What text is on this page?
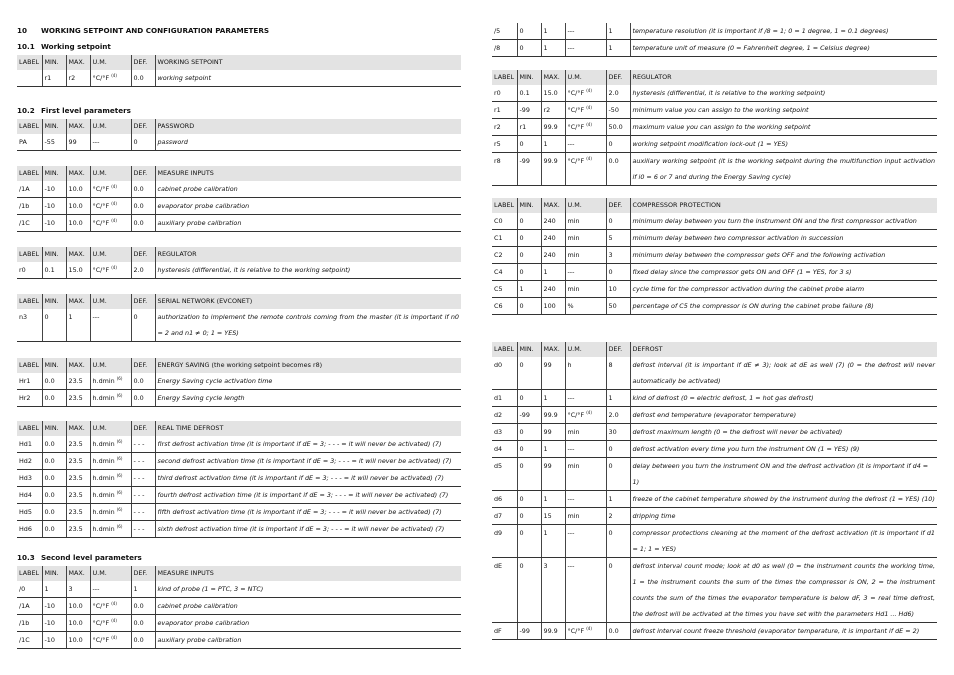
10 WORKING SETPOINT AND CONFIGURATION PARAMETERS
10.1 Working setpoint
LABEL	MIN.	MAX.	U.M.	DEF.	WORKING SETPOINT
	r1	r2	°C/°F $^{(4)}$	0.0	working setpoint
10.2 First level parameters
LABEL	MIN.	MAX.	U.M.	DEF.	PASSWORD
PA	-55	99	---	0	password
LABEL	MIN.	MAX.	U.M.	DEF.	MEASURE INPUTS
/1A	-10	10.0	°C/°F $^{(4)}$	0.0	cabinet probe calibration
/1b	-10	10.0	°C/°F $^{(4)}$	0.0	evaporator probe calibration
/1C	-10	10.0	°C/°F $^{(4)}$	0.0	auxiliary probe calibration
LABEL	MIN.	MAX.	U.M.	DEF.	REGULATOR
r0	0.1	15.0	°C/°F $^{(4)}$	2.0	hysteresis (differential, it is relative to the working setpoint)
LABEL	MIN.	MAX.	U.M.	DEF.	SERIAL NETWORK (EVCONET)
n3	0	1	---	0	authorization to implement the remote controls coming from the master (it is important if n0 = 2 and n1 ≠ 0; 1 = YES)
LABEL	MIN.	MAX.	U.M.	DEF.	ENERGY SAVING (the working setpoint becomes r8)
Hr1	0.0	23.5	h.dmin $^{(6)}$	0.0	Energy Saving cycle activation time
Hr2	0.0	23.5	h.dmin $^{(6)}$	0.0	Energy Saving cycle length
LABEL	MIN.	MAX.	U.M.	DEF.	REAL TIME DEFROST
Hd1	0.0	23.5	h.dmin $^{(6)}$	- - -	first defrost activation time (it is important if dE = 3; - - - = it will never be activated) (7)
Hd2	0.0	23.5	h.dmin $^{(6)}$	- - -	second defrost activation time (it is important if dE = 3; - - - = it will never be activated) (7)
Hd3	0.0	23.5	h.dmin $^{(6)}$	- - -	third defrost activation time (it is important if dE = 3; - - - = it will never be activated) (7)
Hd4	0.0	23.5	h.dmin $^{(6)}$	- - -	fourth defrost activation time (it is important if dE = 3; - - - = it will never be activated) (7)
Hd5	0.0	23.5	h.dmin $^{(6)}$	- - -	fifth defrost activation time (it is important if dE = 3; - - - = it will never be activated) (7)
Hd6	0.0	23.5	h.dmin $^{(6)}$	- - -	sixth defrost activation time (it is important if dE = 3; - - - = it will never be activated) (7)
10.3 Second level parameters
LABEL	MIN.	MAX.	U.M.	DEF.	MEASURE INPUTS
/0	1	3	---	1	kind of probe (1 = PTC, 3 = NTC)
/1A	-10	10.0	°C/°F $^{(4)}$	0.0	cabinet probe calibration
/1b	-10	10.0	°C/°F $^{(4)}$	0.0	evaporator probe calibration
/1C	-10	10.0	°C/°F $^{(4)}$	0.0	auxiliary probe calibration
/5	0	1	---	1	temperature resolution (it is important if /8 = 1; 0 = 1 degree, 1 = 0.1 degrees)
/8	0	1	---	1	temperature unit of measure (0 = Fahrenheit degree, 1 = Celsius degree)
LABEL	MIN.	MAX.	U.M.	DEF.	REGULATOR
r0	0.1	15.0	°C/°F $^{(4)}$	2.0	hysteresis (differential, it is relative to the working setpoint)
r1	-99	r2	°C/°F $^{(4)}$	-50	minimum value you can assign to the working setpoint
r2	r1	99.9	°C/°F $^{(4)}$	50.0	maximum value you can assign to the working setpoint
r5	0	1	---	0	working setpoint modification lock-out (1 = YES)
r8	-99	99.9	°C/°F $^{(4)}$	0.0	auxiliary working setpoint (it is the working setpoint during the multifunction input activation if i0 = 6 or 7 and during the Energy Saving cycle)
LABEL	MIN.	MAX.	U.M.	DEF.	COMPRESSOR PROTECTION
C0	0	240	min	0	minimum delay between you turn the instrument ON and the first compressor activation
C1	0	240	min	5	minimum delay between two compressor activation in succession
C2	0	240	min	3	minimum delay between the compressor gets OFF and the following activation
C4	0	1	---	0	fixed delay since the compressor gets ON and OFF (1 = YES, for 3 s)
C5	1	240	min	10	cycle time for the compressor activation during the cabinet probe alarm
C6	0	100	%	50	percentage of C5 the compressor is ON during the cabinet probe failure (8)
LABEL	MIN.	MAX.	U.M.	DEF.	DEFROST
d0	0	99	h	8	defrost interval (it is important if dE ≠ 3); look at dE as well (7) (0 = the defrost will never automatically be activated)
d1	0	1	---	1	kind of defrost (0 = electric defrost, 1 = hot gas defrost)
d2	-99	99.9	°C/°F $^{(4)}$	2.0	defrost end temperature (evaporator temperature)
d3	0	99	min	30	defrost maximum length (0 = the defrost will never be activated)
d4	0	1	---	0	defrost activation every time you turn the instrument ON (1 = YES) (9)
d5	0	99	min	0	delay between you turn the instrument ON and the defrost activation (it is important if d4 = 1)
d6	0	1	---	1	freeze of the cabinet temperature showed by the instrument during the defrost (1 = YES) (10)
d7	0	15	min	2	dripping time
d9	0	1	---	0	compressor protections cleaning at the moment of the defrost activation (it is important if d1 = 1; 1 = YES)
dE	0	3	---	0	defrost interval count mode; look at d0 as well (0 = the instrument counts the working time, 1 = the instrument counts the sum of the times the compressor is ON, 2 = the instrument counts the sum of the times the evaporator temperature is below dF, 3 = real time defrost, the defrost will be activated at the times you have set with the parameters Hd1 ... Hd6)
dF	-99	99.9	°C/°F $^{(4)}$	0.0	defrost interval count freeze threshold (evaporator temperature, it is important if dE = 2)
